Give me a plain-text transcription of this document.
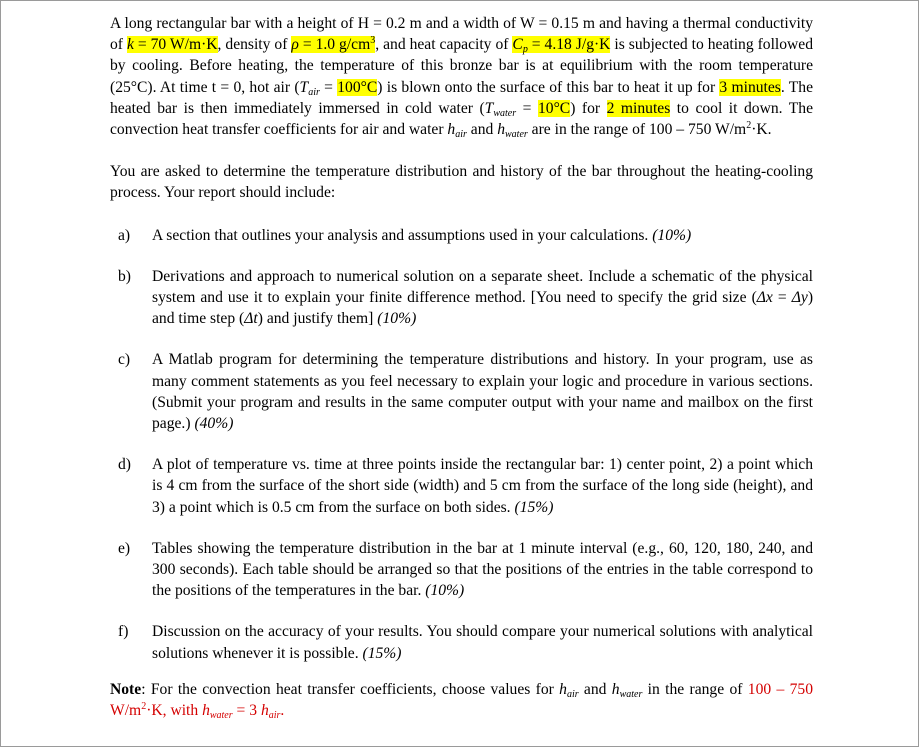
A long rectangular bar with a height of H = 0.2 m and a width of W = 0.15 m and having a thermal conductivity of k = 70 W/m·K, density of ρ = 1.0 $g/cm^3$, and heat capacity of $C_p = 4.18$ J/g·K is subjected to heating followed by cooling. Before heating, the temperature of this bronze bar is at equilibrium with the room temperature (25°C). At time t = 0, hot air $(T_{air} = 100^\circ C)$ is blown onto the surface of this bar to heat it up for 3 minutes. The heated bar is then immediately immersed in cold water $(T_{water} = 10^\circ C)$ for 2 minutes to cool it down. The convection heat transfer coefficients for air and water $h_{air}$ and $h_{water}$ are in the range of 100 – 750 $W/m^2\cdot K$.

You are asked to determine the temperature distribution and history of the bar throughout the heating-cooling process. Your report should include:

a)	A section that outlines your analysis and assumptions used in your calculations. (10%)
b)	Derivations and approach to numerical solution on a separate sheet. Include a schematic of the physical system and use it to explain your finite difference method. [You need to specify the grid size (Δx = Δy) and time step (Δt) and justify them] (10%)
c)	A Matlab program for determining the temperature distributions and history. In your program, use as many comment statements as you feel necessary to explain your logic and procedure in various sections. (Submit your program and results in the same computer output with your name and mailbox on the first page.) (40%)
d)	A plot of temperature vs. time at three points inside the rectangular bar: 1) center point, 2) a point which is 4 cm from the surface of the short side (width) and 5 cm from the surface of the long side (height), and 3) a point which is 0.5 cm from the surface on both sides. (15%)
e)	Tables showing the temperature distribution in the bar at 1 minute interval (e.g., 60, 120, 180, 240, and 300 seconds). Each table should be arranged so that the positions of the entries in the table correspond to the positions of the temperatures in the bar. (10%)
f)	Discussion on the accuracy of your results. You should compare your numerical solutions with analytical solutions whenever it is possible. (15%)

Note: For the convection heat transfer coefficients, choose values for $h_{air}$ and $h_{water}$ in the range of 100 – 750 $W/m^2\cdot K$, with $h_{water} = 3$ $h_{air}$.
